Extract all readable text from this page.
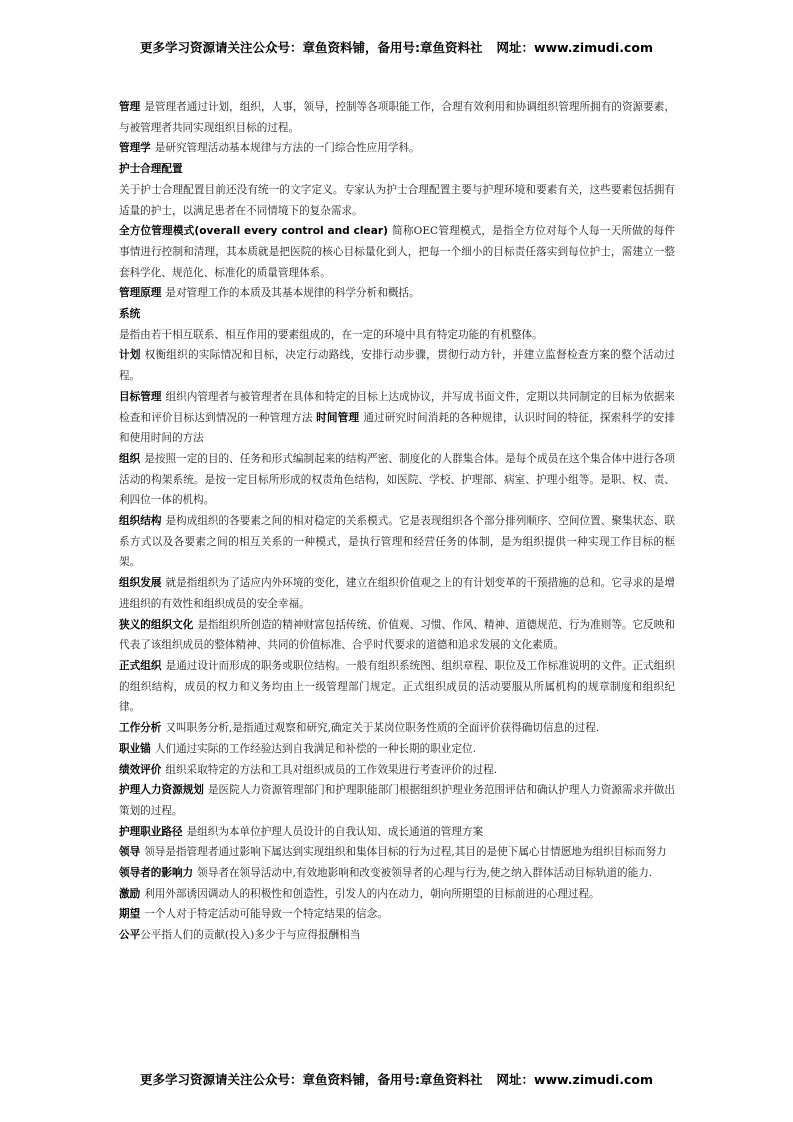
更多学习资源请关注公众号：章鱼资料铺，备用号:章鱼资料社 网址：www.zimudi.com

管理 是管理者通过计划，组织，人事，领导，控制等各项职能工作，合理有效利用和协调组织管理所拥有的资源要素，与被管理者共同实现组织目标的过程。

管理学 是研究管理活动基本规律与方法的一门综合性应用学科。

护士合理配置

关于护士合理配置目前还没有统一的文字定义。专家认为护士合理配置主要与护理环境和要素有关，这些要素包括拥有适量的护士，以满足患者在不同情境下的复杂需求。

全方位管理模式(overall every control and clear) 简称OEC管理模式，是指全方位对每个人每一天所做的每件事情进行控制和清理，其本质就是把医院的核心目标量化到人，把每一个细小的目标责任落实到每位护士，需建立一整套科学化、规范化、标准化的质量管理体系。

管理原理 是对管理工作的本质及其基本规律的科学分析和概括。

系统

是指由若干相互联系、相互作用的要素组成的，在一定的环境中具有特定功能的有机整体。

计划 权衡组织的实际情况和目标，决定行动路线，安排行动步骤，贯彻行动方针，并建立监督检查方案的整个活动过程。

目标管理 组织内管理者与被管理者在具体和特定的目标上达成协议，并写成书面文件，定期以共同制定的目标为依据来检查和评价目标达到情况的一种管理方法 时间管理 通过研究时间消耗的各种规律，认识时间的特征，探索科学的安排和使用时间的方法

组织 是按照一定的目的、任务和形式编制起来的结构严密、制度化的人群集合体。是每个成员在这个集合体中进行各项活动的构架系统。是按一定目标所形成的权责角色结构，如医院、学校、护理部、病室、护理小组等。是职、权、责、利四位一体的机构。

组织结构 是构成组织的各要素之间的相对稳定的关系模式。它是表现组织各个部分排列顺序、空间位置、聚集状态、联系方式以及各要素之间的相互关系的一种模式，是执行管理和经营任务的体制，是为组织提供一种实现工作目标的框架。

组织发展 就是指组织为了适应内外环境的变化，建立在组织价值观之上的有计划变革的干预措施的总和。它寻求的是增进组织的有效性和组织成员的安全幸福。

狭义的组织文化 是指组织所创造的精神财富包括传统、价值观、习惯、作风、精神、道德规范、行为准则等。它反映和代表了该组织成员的整体精神、共同的价值标准、合乎时代要求的道德和追求发展的文化素质。

正式组织 是通过设计而形成的职务或职位结构。一般有组织系统图、组织章程、职位及工作标准说明的文件。正式组织的组织结构，成员的权力和义务均由上一级管理部门规定。正式组织成员的活动要服从所属机构的规章制度和组织纪律。

工作分析 又叫职务分析,是指通过观察和研究,确定关于某岗位职务性质的全面评价获得确切信息的过程.

职业锚 人们通过实际的工作经验达到自我满足和补偿的一种长期的职业定位.

绩效评价 组织采取特定的方法和工具对组织成员的工作效果进行考查评价的过程.

护理人力资源规划 是医院人力资源管理部门和护理职能部门根据组织护理业务范围评估和确认护理人力资源需求并做出策划的过程。

护理职业路径 是组织为本单位护理人员设计的自我认知、成长通道的管理方案

领导 领导是指管理者通过影响下属达到实现组织和集体目标的行为过程,其目的是使下属心甘情愿地为组织目标而努力

领导者的影响力 领导者在领导活动中,有效地影响和改变被领导者的心理与行为,使之纳入群体活动目标轨道的能力.

激励 利用外部诱因调动人的积极性和创造性，引发人的内在动力，朝向所期望的目标前进的心理过程。

期望 一个人对于特定活动可能导致一个特定结果的信念。

公平公平指人们的贡献(投入)多少于与应得报酬相当

更多学习资源请关注公众号：章鱼资料铺，备用号:章鱼资料社 网址：www.zimudi.com
